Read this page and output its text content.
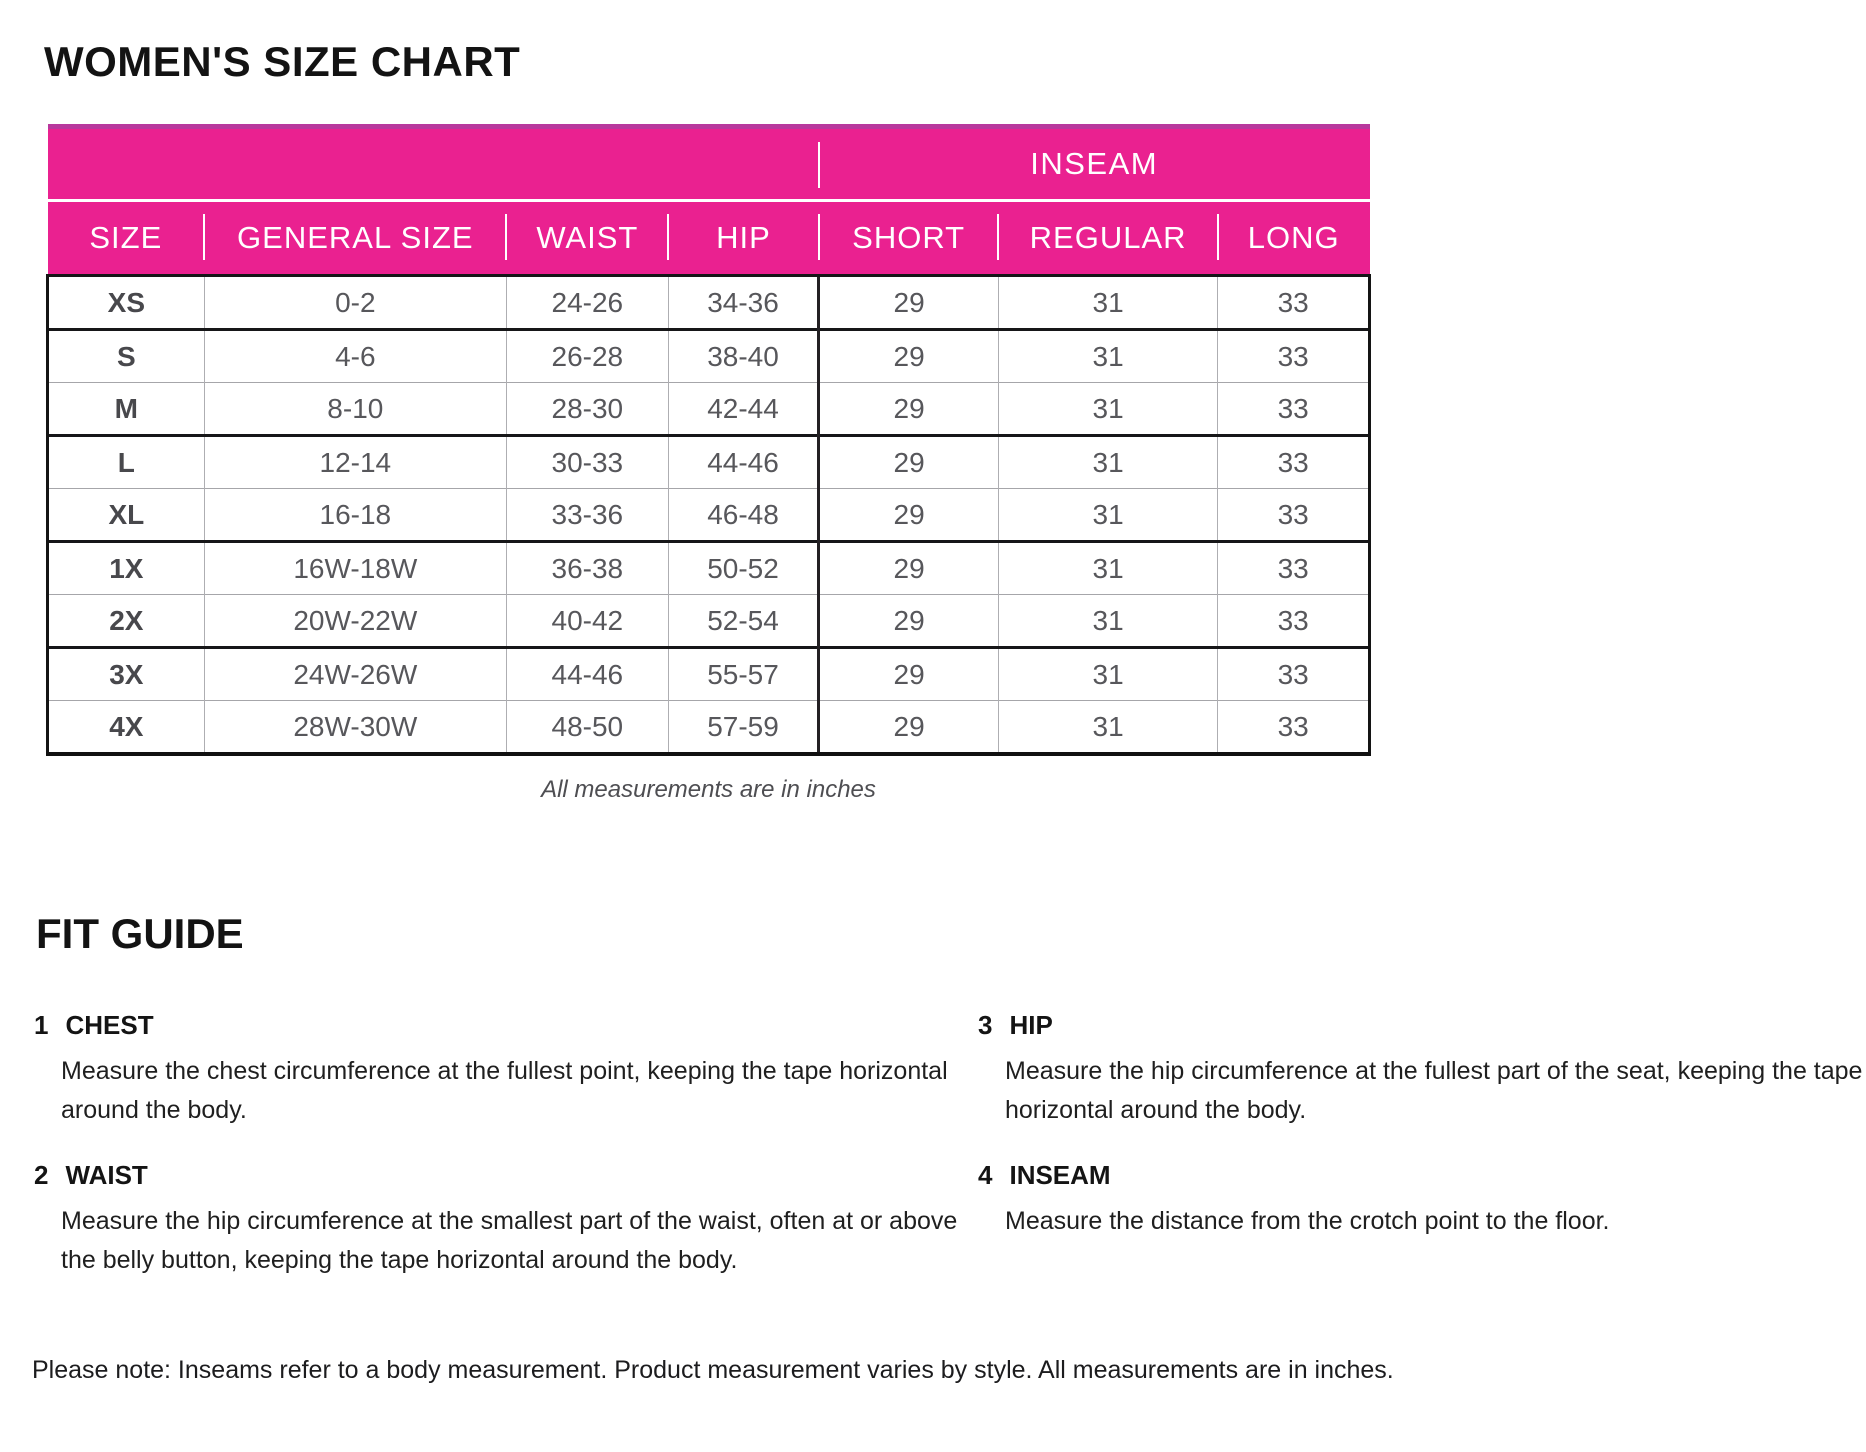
WOMEN'S SIZE CHART
				INSEAM		
SIZE	GENERAL SIZE	WAIST	HIP	SHORT	REGULAR	LONG
XS	0-2	24-26	34-36	29	31	33
S	4-6	26-28	38-40	29	31	33
M	8-10	28-30	42-44	29	31	33
L	12-14	30-33	44-46	29	31	33
XL	16-18	33-36	46-48	29	31	33
1X	16W-18W	36-38	50-52	29	31	33
2X	20W-22W	40-42	52-54	29	31	33
3X	24W-26W	44-46	55-57	29	31	33
4X	28W-30W	48-50	57-59	29	31	33
All measurements are in inches
FIT GUIDE
1 CHEST

Measure the chest circumference at the fullest point, keeping the tape horizontal around the body.

3 HIP

Measure the hip circumference at the fullest part of the seat, keeping the tape horizontal around the body.

2 WAIST

Measure the hip circumference at the smallest part of the waist, often at or above the belly button, keeping the tape horizontal around the body.

4 INSEAM

Measure the distance from the crotch point to the floor.

Please note: Inseams refer to a body measurement. Product measurement varies by style. All measurements are in inches.
